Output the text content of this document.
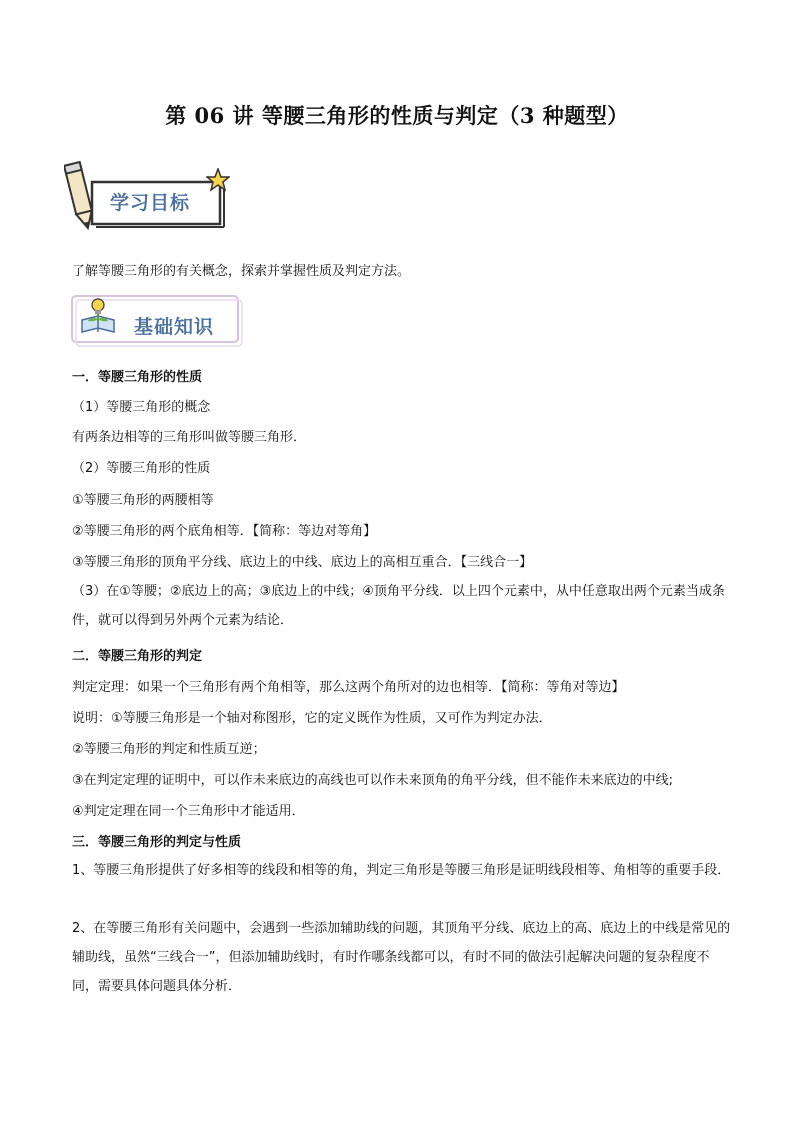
第 06 讲 等腰三角形的性质与判定（3 种题型）
学习目标
了解等腰三角形的有关概念，探索并掌握性质及判定方法。
基础知识
一．等腰三角形的性质
（1）等腰三角形的概念
有两条边相等的三角形叫做等腰三角形．
（2）等腰三角形的性质
①等腰三角形的两腰相等
②等腰三角形的两个底角相等．【简称：等边对等角】
③等腰三角形的顶角平分线、底边上的中线、底边上的高相互重合．【三线合一】
（3）在①等腰；②底边上的高；③底边上的中线；④顶角平分线．以上四个元素中，从中任意取出两个元素当成条件，就可以得到另外两个元素为结论．
二．等腰三角形的判定
判定定理：如果一个三角形有两个角相等，那么这两个角所对的边也相等．【简称：等角对等边】
说明：①等腰三角形是一个轴对称图形，它的定义既作为性质，又可作为判定办法．
②等腰三角形的判定和性质互逆；
③在判定定理的证明中，可以作未来底边的高线也可以作未来顶角的角平分线，但不能作未来底边的中线;
④判定定理在同一个三角形中才能适用．
三．等腰三角形的判定与性质
1、等腰三角形提供了好多相等的线段和相等的角，判定三角形是等腰三角形是证明线段相等、角相等的重要手段．
2、在等腰三角形有关问题中，会遇到一些添加辅助线的问题，其顶角平分线、底边上的高、底边上的中线是常见的辅助线，虽然“三线合一”，但添加辅助线时，有时作哪条线都可以，有时不同的做法引起解决问题的复杂程度不同，需要具体问题具体分析．
